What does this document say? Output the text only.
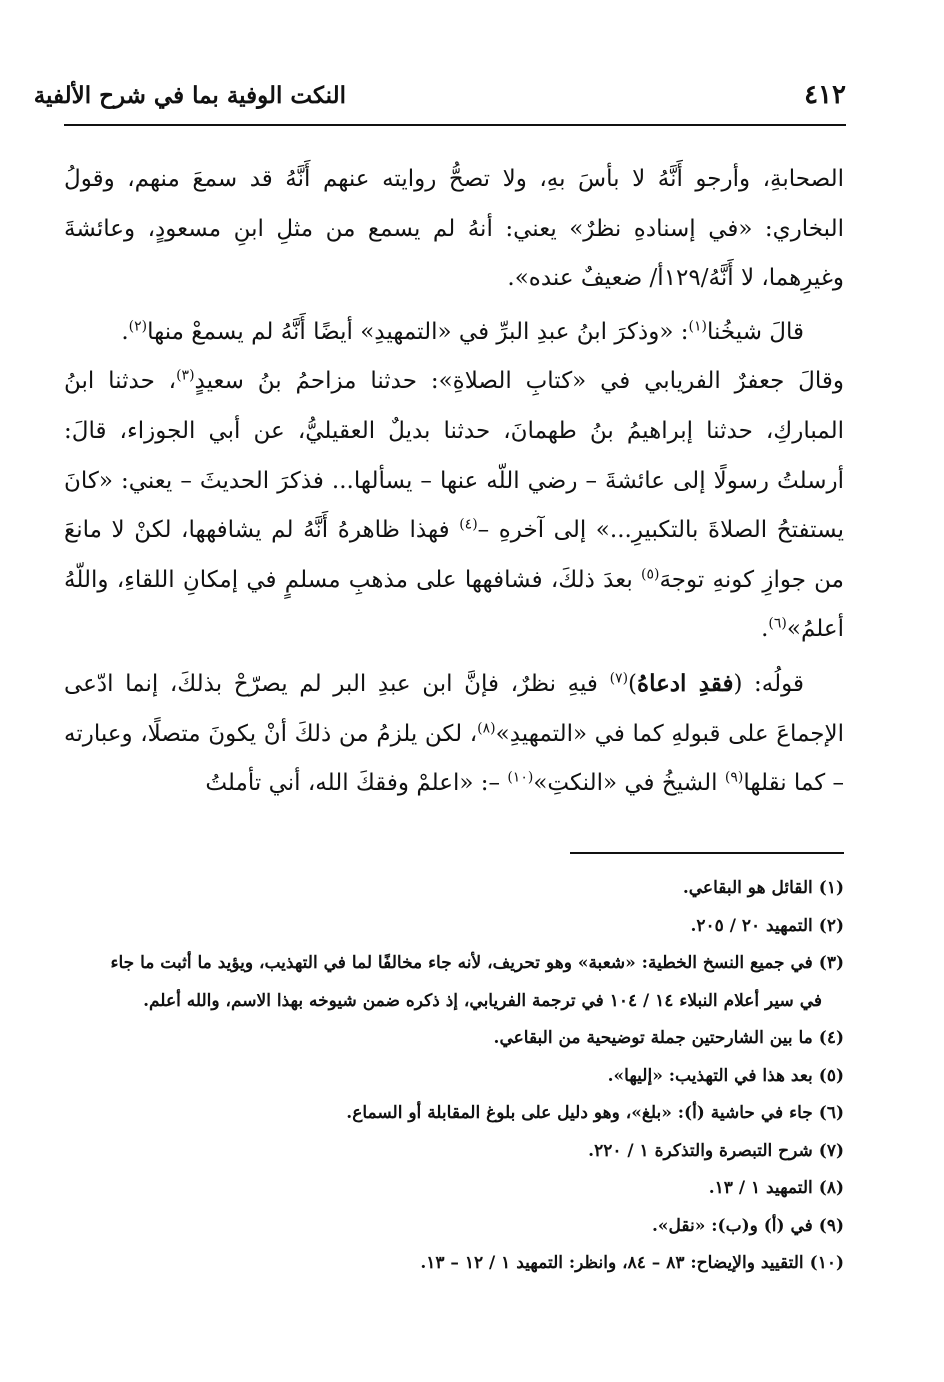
٤١٢
النكت الوفية بما في شرح الألفية

الصحابةِ، وأرجو أَنَّهُ لا بأسَ بهِ، ولا تصحُّ روايته عنهم أَنَّهُ قد سمعَ منهم، وقولُ البخاري: «في إسنادهِ نظرٌ» يعني: أنهُ لم يسمع من مثلِ ابنِ مسعودٍ، وعائشةَ وغيرِهما، لا أَنَّهُ/١٢٩أ/ ضعيفٌ عنده».

قالَ شيخُنا$^{(١)}$: «وذكرَ ابنُ عبدِ البرِّ في «التمهيدِ» أيضًا أَنَّهُ لم يسمعْ منها$^{(٢)}$.

وقالَ جعفرٌ الفريابي في «كتابِ الصلاةِ»: حدثنا مزاحمُ بنُ سعيدٍ$^{(٣)}$، حدثنا ابنُ المباركِ، حدثنا إبراهيمُ بنُ طهمانَ، حدثنا بديلٌ العقيليُّ، عن أبي الجوزاء، قالَ: أرسلتُ رسولًا إلى عائشةَ – رضي اللّه عنها – يسألها... فذكرَ الحديثَ – يعني: «كانَ يستفتحُ الصلاةَ بالتكبيرِ...» إلى آخرهِ –$^{(٤)}$ فهذا ظاهرهُ أَنَّهُ لم يشافهها، لكنْ لا مانعَ من جوازِ كونهِ توجهَ$^{(٥)}$ بعدَ ذلكَ، فشافهها على مذهبِ مسلمٍ في إمكانِ اللقاءِ، واللّهُ أعلمُ»$^{(٦)}$.

قولُه: (فقدِ ادعاهُ)$^{(٧)}$ فيهِ نظرٌ، فإنَّ ابن عبدِ البر لم يصرّحْ بذلكَ، إنما ادّعى الإجماعَ على قبولهِ كما في «التمهيدِ»$^{(٨)}$، لكن يلزمُ من ذلكَ أنْ يكونَ متصلًا، وعبارته – كما نقلها$^{(٩)}$ الشيخُ في «النكتِ»$^{(١٠)}$ –: «اعلمْ وفقكَ الله، أني تأملتُ

(١)القائل هو البقاعي.

(٢)التمهيد ٢٠ / ٢٠٥.

(٣)في جميع النسخ الخطية: «شعبة» وهو تحريف، لأنه جاء مخالفًا لما في التهذيب، ويؤيد ما أثبت ما جاء

في سير أعلام النبلاء ١٤ / ١٠٤ في ترجمة الفريابي، إذ ذكره ضمن شيوخه بهذا الاسم، والله أعلم.

(٤)ما بين الشارحتين جملة توضيحية من البقاعي.

(٥)بعد هذا في التهذيب: «إليها».

(٦)جاء في حاشية (أ): «بلغ»، وهو دليل على بلوغ المقابلة أو السماع.

(٧)شرح التبصرة والتذكرة ١ / ٢٢٠.

(٨)التمهيد ١ / ١٣.

(٩)في (أ) و(ب): «نقل».

(١٠)التقييد والإيضاح: ٨٣ – ٨٤، وانظر: التمهيد ١ / ١٢ – ١٣.
